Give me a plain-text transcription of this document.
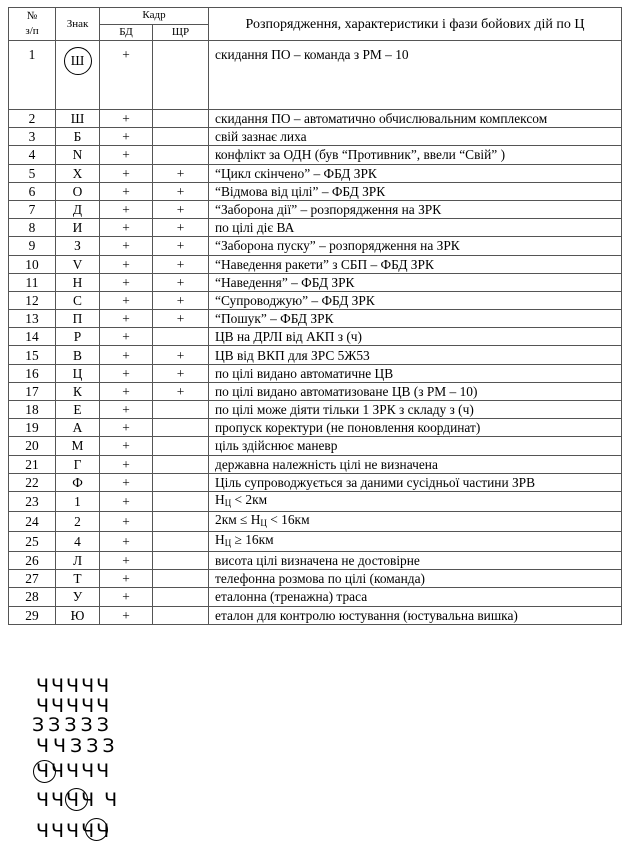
№
з/п	Знак	Кадр		Розпорядження, характеристики і фази бойових дій по Ц
		БД	ЩР	
1	Ш	+		скидання ПО – команда з РМ – 10
2	Ш	+		скидання ПО – автоматично обчислювальним комплексом
3	Б	+		свій зазнає лиха
4	N	+		конфлікт за ОДН (був “Противник”, ввели “Свій” )
5	Х	+	+	“Цикл скінчено” – ФБД ЗРК
6	О	+	+	“Відмова від цілі” – ФБД ЗРК
7	Д	+	+	“Заборона дії” – розпорядження на ЗРК
8	И	+	+	по цілі діє ВА
9	З	+	+	“Заборона пуску” – розпорядження на ЗРК
10	V	+	+	“Наведення ракети” з СБП – ФБД ЗРК
11	Н	+	+	“Наведення” – ФБД ЗРК
12	С	+	+	“Супроводжую” – ФБД ЗРК
13	П	+	+	“Пошук” – ФБД ЗРК
14	Р	+		ЦВ на ДРЛІ від АКП з (ч)
15	В	+	+	ЦВ від ВКП для ЗРС 5Ж53
16	Ц	+	+	по цілі видано автоматичне ЦВ
17	К	+	+	по цілі видано автоматизоване ЦВ (з РМ – 10)
18	Е	+		по цілі може діяти тільки 1 ЗРК з складу з (ч)
19	А	+		пропуск коректури (не поновлення координат)
20	М	+		ціль здійснює маневр
21	Г	+		державна належність цілі не визначена
22	Ф	+		Ціль супроводжується за даними сусідньої частини ЗРВ
23	1	+		$Н_Ц < 2км$
24	2	+		$2км \le Н_Ц < 16км$
25	4	+		$Н_Ц \ge 16км$
26	Л	+		висота цілі визначена не достовірне
27	Т	+		телефонна розмова по цілі (команда)
28	У	+		еталонна (тренажна) траса
29	Ю	+		еталон для контролю юстування (юстувальна вишка)
ЧЧЧЧЧ
ЧЧЧЧЧ
ЗЗЗЗЗ
ЧЧЗЗЗ
ЧЧЧЧЧ
ЧЧЧЧ Ч
ЧЧЧЧЧ
